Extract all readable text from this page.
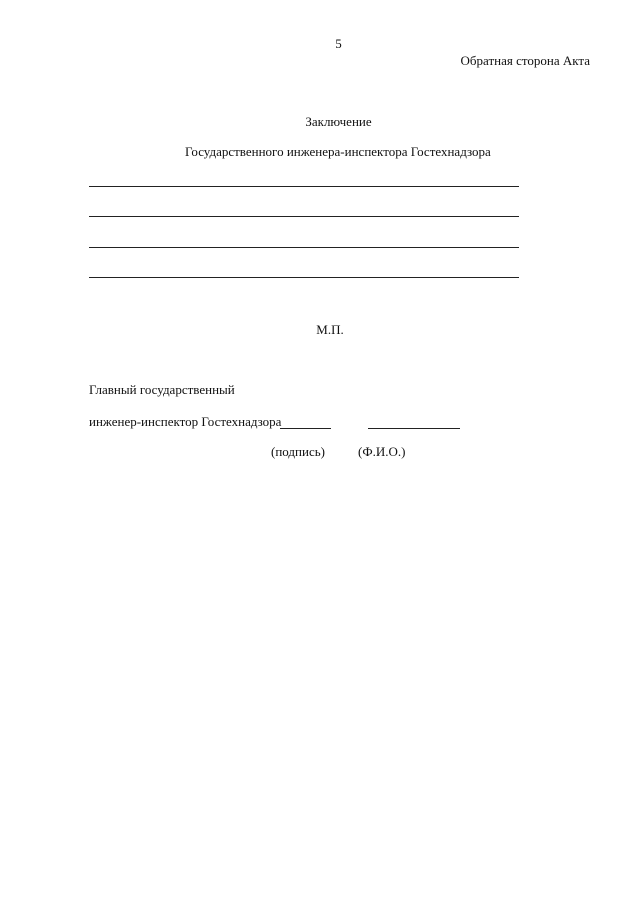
5
Обратная сторона Акта
Заключение
Государственного инженера-инспектора Гостехнадзора
М.П.
Главный государственный
инженер-инспектор Гостехнадзора
(подпись)	(Ф.И.О.)
